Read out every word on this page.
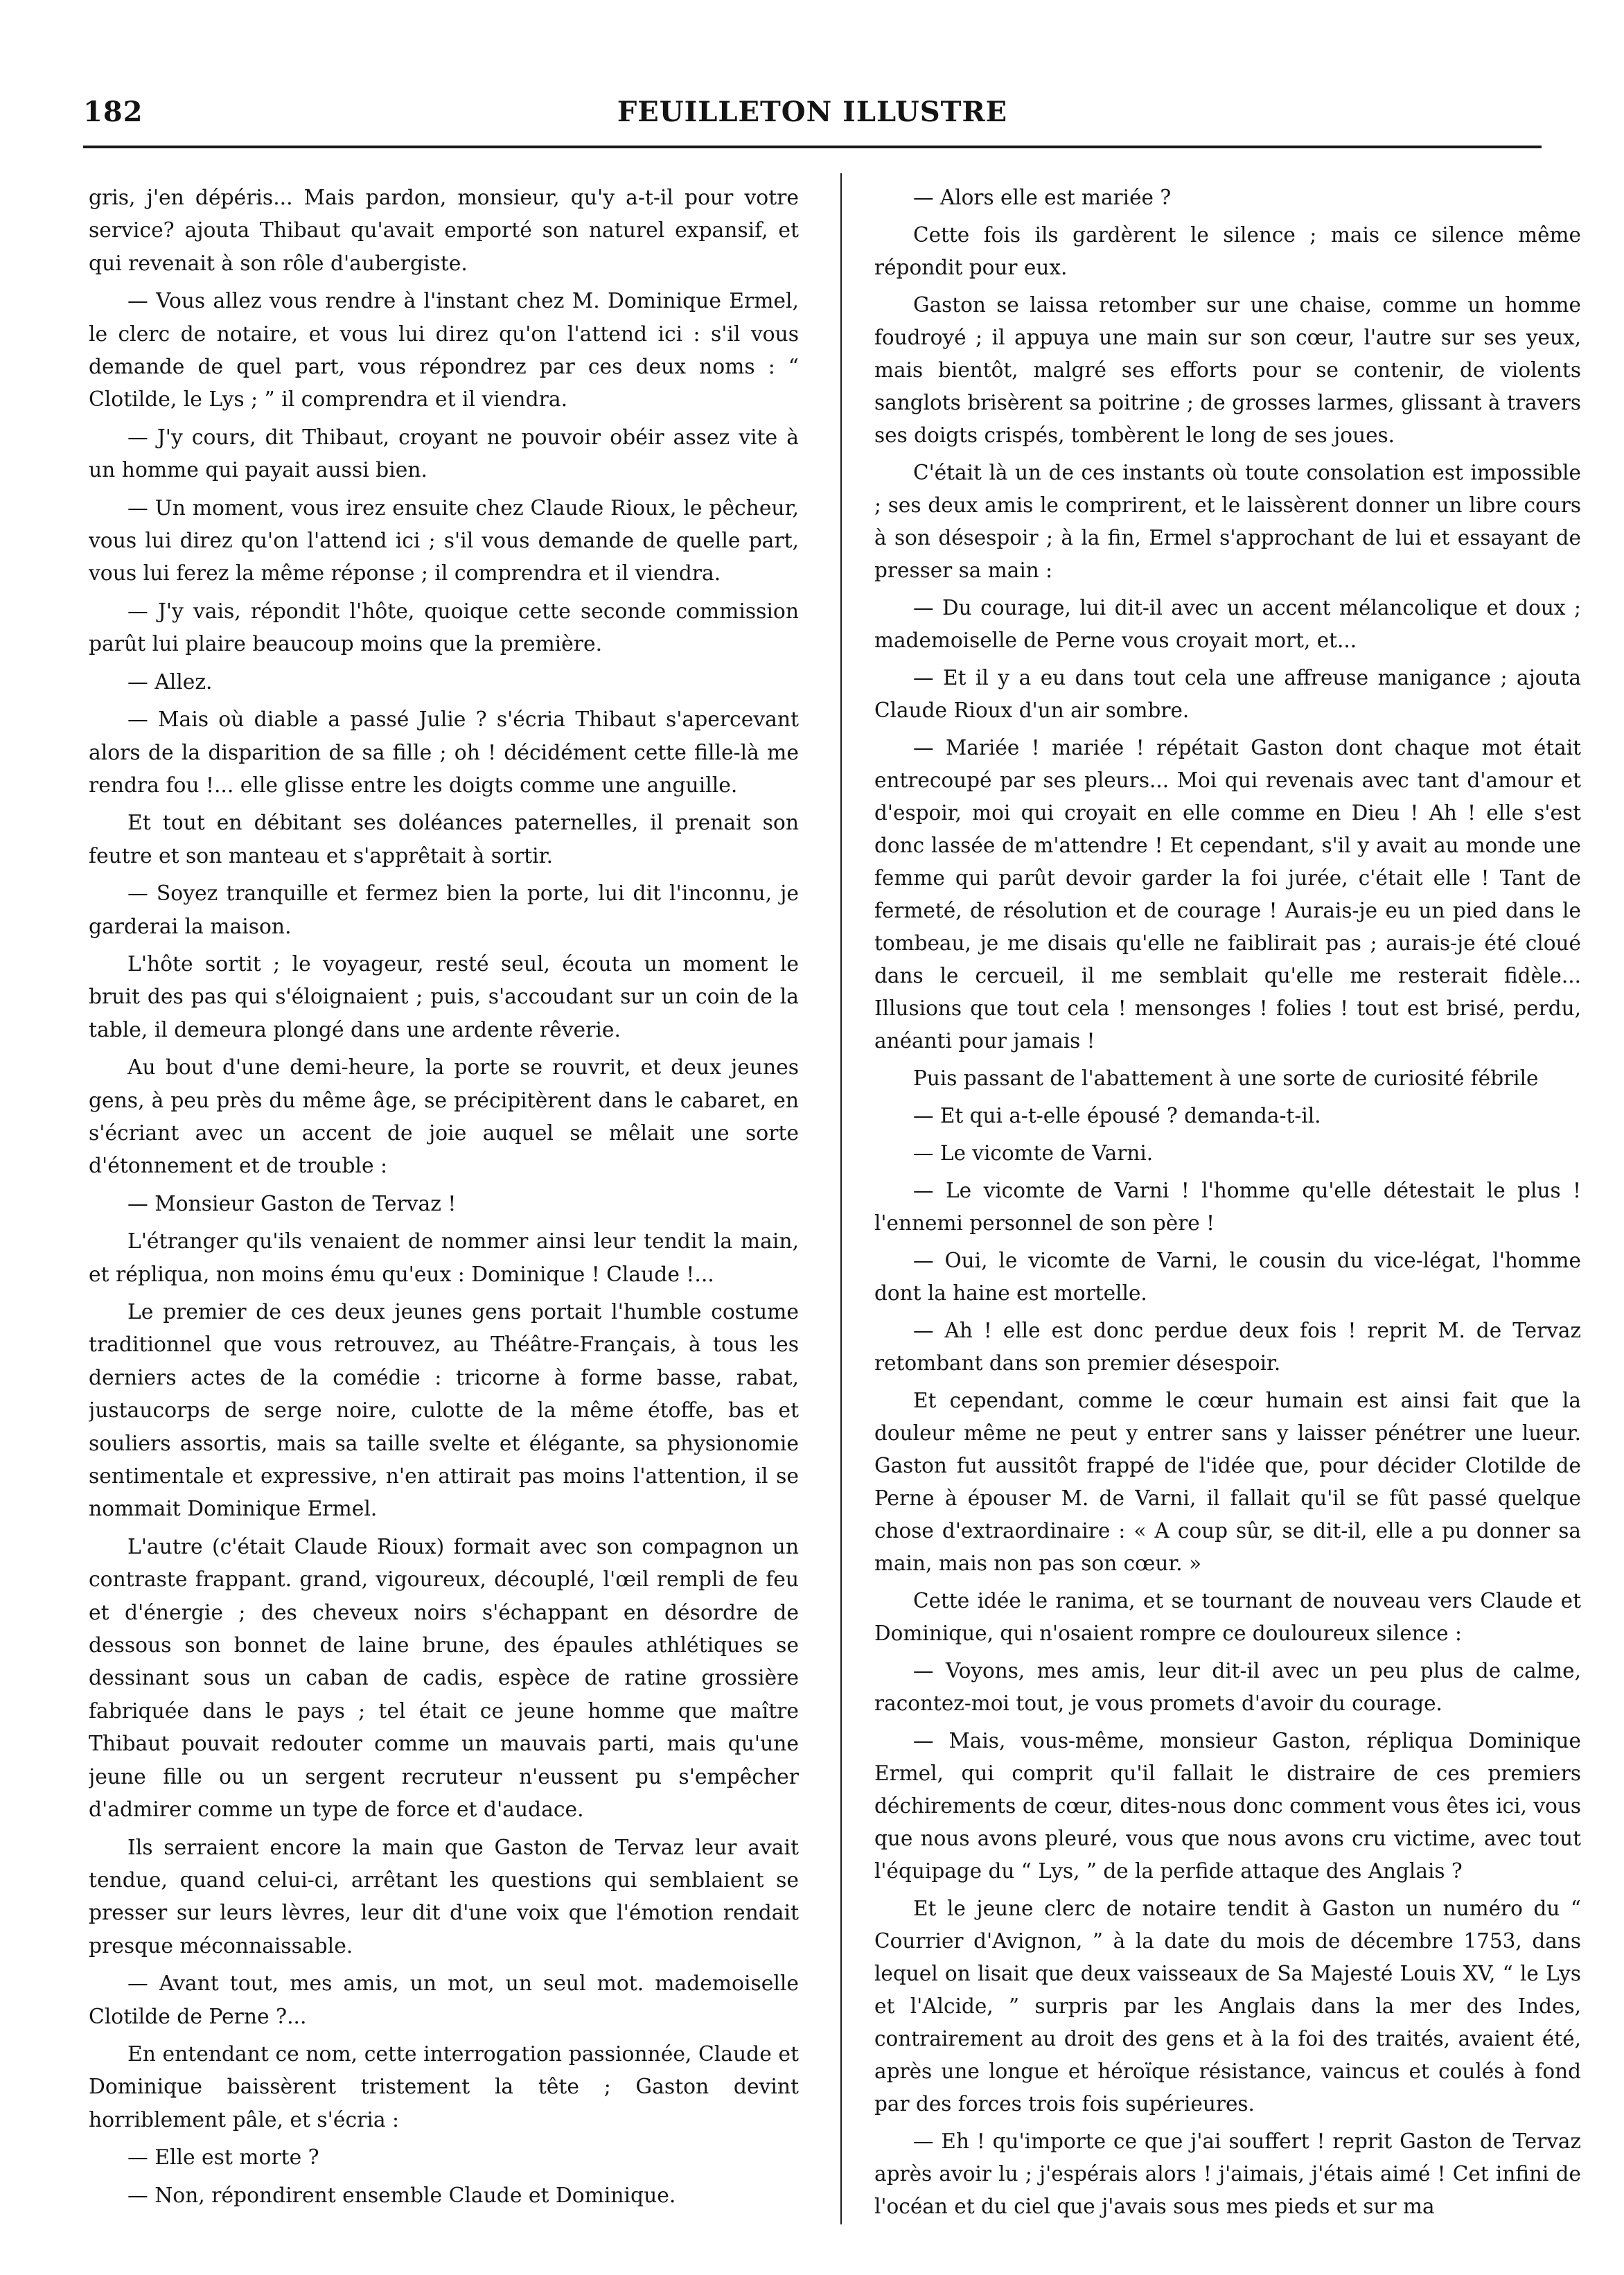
182	FEUILLETON ILLUSTRE

gris, j'en dépéris... Mais pardon, monsieur, qu'y a-t-il pour votre service? ajouta Thibaut qu'avait emporté son naturel expansif, et qui revenait à son rôle d'aubergiste.

— Vous allez vous rendre à l'instant chez M. Dominique Ermel, le clerc de notaire, et vous lui direz qu'on l'attend ici : s'il vous demande de quel part, vous répondrez par ces deux noms : “ Clotilde, le Lys ; ” il comprendra et il viendra.

— J'y cours, dit Thibaut, croyant ne pouvoir obéir assez vite à un homme qui payait aussi bien.

— Un moment, vous irez ensuite chez Claude Rioux, le pêcheur, vous lui direz qu'on l'attend ici ; s'il vous demande de quelle part, vous lui ferez la même réponse ; il comprendra et il viendra.

— J'y vais, répondit l'hôte, quoique cette seconde commission parût lui plaire beaucoup moins que la première.

— Allez.

— Mais où diable a passé Julie ? s'écria Thibaut s'apercevant alors de la disparition de sa fille ; oh ! décidément cette fille-là me rendra fou !... elle glisse entre les doigts comme une anguille.

Et tout en débitant ses doléances paternelles, il prenait son feutre et son manteau et s'apprêtait à sortir.

— Soyez tranquille et fermez bien la porte, lui dit l'inconnu, je garderai la maison.

L'hôte sortit ; le voyageur, resté seul, écouta un moment le bruit des pas qui s'éloignaient ; puis, s'accoudant sur un coin de la table, il demeura plongé dans une ardente rêverie.

Au bout d'une demi-heure, la porte se rouvrit, et deux jeunes gens, à peu près du même âge, se précipitèrent dans le cabaret, en s'écriant avec un accent de joie auquel se mêlait une sorte d'étonnement et de trouble :

— Monsieur Gaston de Tervaz !

L'étranger qu'ils venaient de nommer ainsi leur tendit la main, et répliqua, non moins ému qu'eux : Dominique ! Claude !...

Le premier de ces deux jeunes gens portait l'humble costume traditionnel que vous retrouvez, au Théâtre-Français, à tous les derniers actes de la comédie : tricorne à forme basse, rabat, justaucorps de serge noire, culotte de la même étoffe, bas et souliers assortis, mais sa taille svelte et élégante, sa physionomie sentimentale et expressive, n'en attirait pas moins l'attention, il se nommait Dominique Ermel.

L'autre (c'était Claude Rioux) formait avec son compagnon un contraste frappant. grand, vigoureux, découplé, l'œil rempli de feu et d'énergie ; des cheveux noirs s'échappant en désordre de dessous son bonnet de laine brune, des épaules athlétiques se dessinant sous un caban de cadis, espèce de ratine grossière fabriquée dans le pays ; tel était ce jeune homme que maître Thibaut pouvait redouter comme un mauvais parti, mais qu'une jeune fille ou un sergent recruteur n'eussent pu s'empêcher d'admirer comme un type de force et d'audace.

Ils serraient encore la main que Gaston de Tervaz leur avait tendue, quand celui-ci, arrêtant les questions qui semblaient se presser sur leurs lèvres, leur dit d'une voix que l'émotion rendait presque méconnaissable.

— Avant tout, mes amis, un mot, un seul mot. mademoiselle Clotilde de Perne ?...

En entendant ce nom, cette interrogation passionnée, Claude et Dominique baissèrent tristement la tête ; Gaston devint horriblement pâle, et s'écria :

— Elle est morte ?

— Non, répondirent ensemble Claude et Dominique.

— Alors elle est mariée ?

Cette fois ils gardèrent le silence ; mais ce silence même répondit pour eux.

Gaston se laissa retomber sur une chaise, comme un homme foudroyé ; il appuya une main sur son cœur, l'autre sur ses yeux, mais bientôt, malgré ses efforts pour se contenir, de violents sanglots brisèrent sa poitrine ; de grosses larmes, glissant à travers ses doigts crispés, tombèrent le long de ses joues.

C'était là un de ces instants où toute consolation est impossible ; ses deux amis le comprirent, et le laissèrent donner un libre cours à son désespoir ; à la fin, Ermel s'approchant de lui et essayant de presser sa main :

— Du courage, lui dit-il avec un accent mélancolique et doux ; mademoiselle de Perne vous croyait mort, et...

— Et il y a eu dans tout cela une affreuse manigance ; ajouta Claude Rioux d'un air sombre.

— Mariée ! mariée ! répétait Gaston dont chaque mot était entrecoupé par ses pleurs... Moi qui revenais avec tant d'amour et d'espoir, moi qui croyait en elle comme en Dieu ! Ah ! elle s'est donc lassée de m'attendre ! Et cependant, s'il y avait au monde une femme qui parût devoir garder la foi jurée, c'était elle ! Tant de fermeté, de résolution et de courage ! Aurais-je eu un pied dans le tombeau, je me disais qu'elle ne faiblirait pas ; aurais-je été cloué dans le cercueil, il me semblait qu'elle me resterait fidèle... Illusions que tout cela ! mensonges ! folies ! tout est brisé, perdu, anéanti pour jamais !

Puis passant de l'abattement à une sorte de curiosité fébrile

— Et qui a-t-elle épousé ? demanda-t-il.

— Le vicomte de Varni.

— Le vicomte de Varni ! l'homme qu'elle détestait le plus ! l'ennemi personnel de son père !

— Oui, le vicomte de Varni, le cousin du vice-légat, l'homme dont la haine est mortelle.

— Ah ! elle est donc perdue deux fois ! reprit M. de Tervaz retombant dans son premier désespoir.

Et cependant, comme le cœur humain est ainsi fait que la douleur même ne peut y entrer sans y laisser pénétrer une lueur. Gaston fut aussitôt frappé de l'idée que, pour décider Clotilde de Perne à épouser M. de Varni, il fallait qu'il se fût passé quelque chose d'extraordinaire : « A coup sûr, se dit-il, elle a pu donner sa main, mais non pas son cœur. »

Cette idée le ranima, et se tournant de nouveau vers Claude et Dominique, qui n'osaient rompre ce douloureux silence :

— Voyons, mes amis, leur dit-il avec un peu plus de calme, racontez-moi tout, je vous promets d'avoir du courage.

— Mais, vous-même, monsieur Gaston, répliqua Dominique Ermel, qui comprit qu'il fallait le distraire de ces premiers déchirements de cœur, dites-nous donc comment vous êtes ici, vous que nous avons pleuré, vous que nous avons cru victime, avec tout l'équipage du “ Lys, ” de la perfide attaque des Anglais ?

Et le jeune clerc de notaire tendit à Gaston un numéro du “ Courrier d'Avignon, ” à la date du mois de décembre 1753, dans lequel on lisait que deux vaisseaux de Sa Majesté Louis XV, “ le Lys et l'Alcide, ” surpris par les Anglais dans la mer des Indes, contrairement au droit des gens et à la foi des traités, avaient été, après une longue et héroïque résistance, vaincus et coulés à fond par des forces trois fois supérieures.

— Eh ! qu'importe ce que j'ai souffert ! reprit Gaston de Tervaz après avoir lu ; j'espérais alors ! j'aimais, j'étais aimé ! Cet infini de l'océan et du ciel que j'avais sous mes pieds et sur ma
